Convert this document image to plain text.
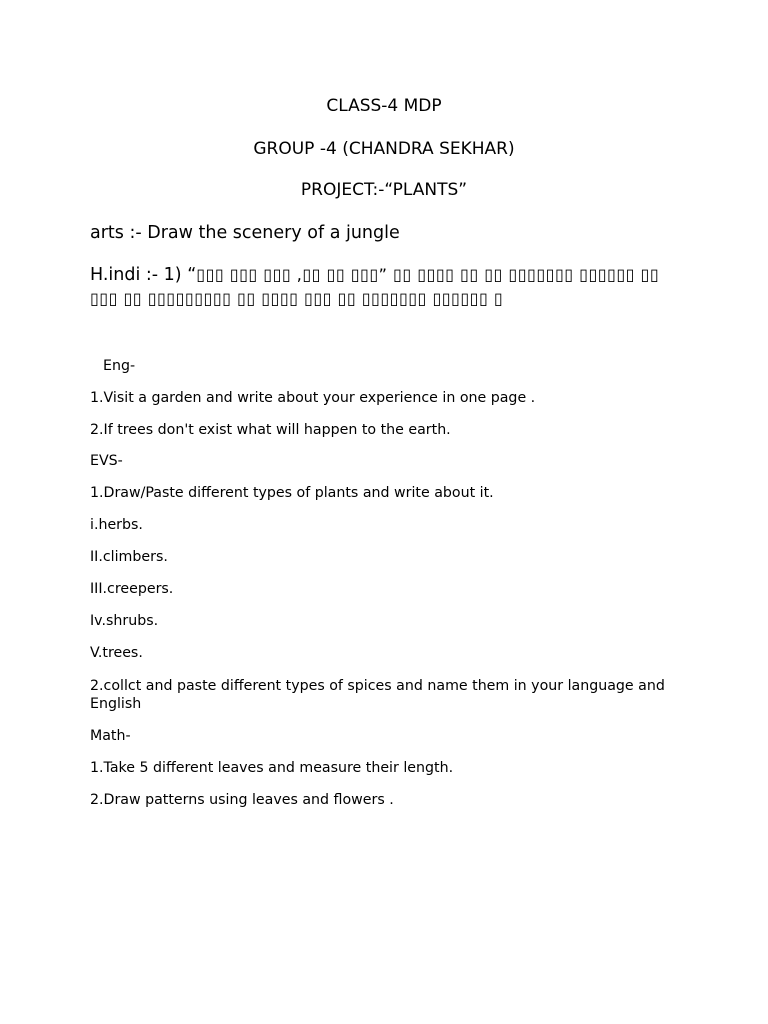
CLASS-4 MDP
GROUP -4 (CHANDRA SEKHAR)
PROJECT:-“PLANTS”
arts :- Draw the scenery of a jungle
H.indi :- 1) “▯▯▯ ▯▯▯ ▯▯▯ ,▯▯ ▯▯ ▯▯▯” ▯▯ ▯▯▯▯ ▯▯ ▯▯ ▯▯▯▯▯▯▯ ▯▯▯▯▯▯ ▯▯ ▯▯▯ ▯▯ ▯▯▯▯▯▯▯▯▯ ▯▯ ▯▯▯▯ ▯▯▯ ▯▯ ▯▯▯▯▯▯▯ ▯▯▯▯▯▯ ▯
Eng-
1.Visit a garden and write about your experience in one page .
2.If trees don't exist what will happen to the earth.
EVS-
1.Draw/Paste different types of plants and write about it.
i.herbs.
II.climbers.
III.creepers.
Iv.shrubs.
V.trees.
2.collct and paste different types of spices and name them in your language and English
Math-
1.Take 5 different leaves and measure their length.
2.Draw patterns using leaves and flowers .
